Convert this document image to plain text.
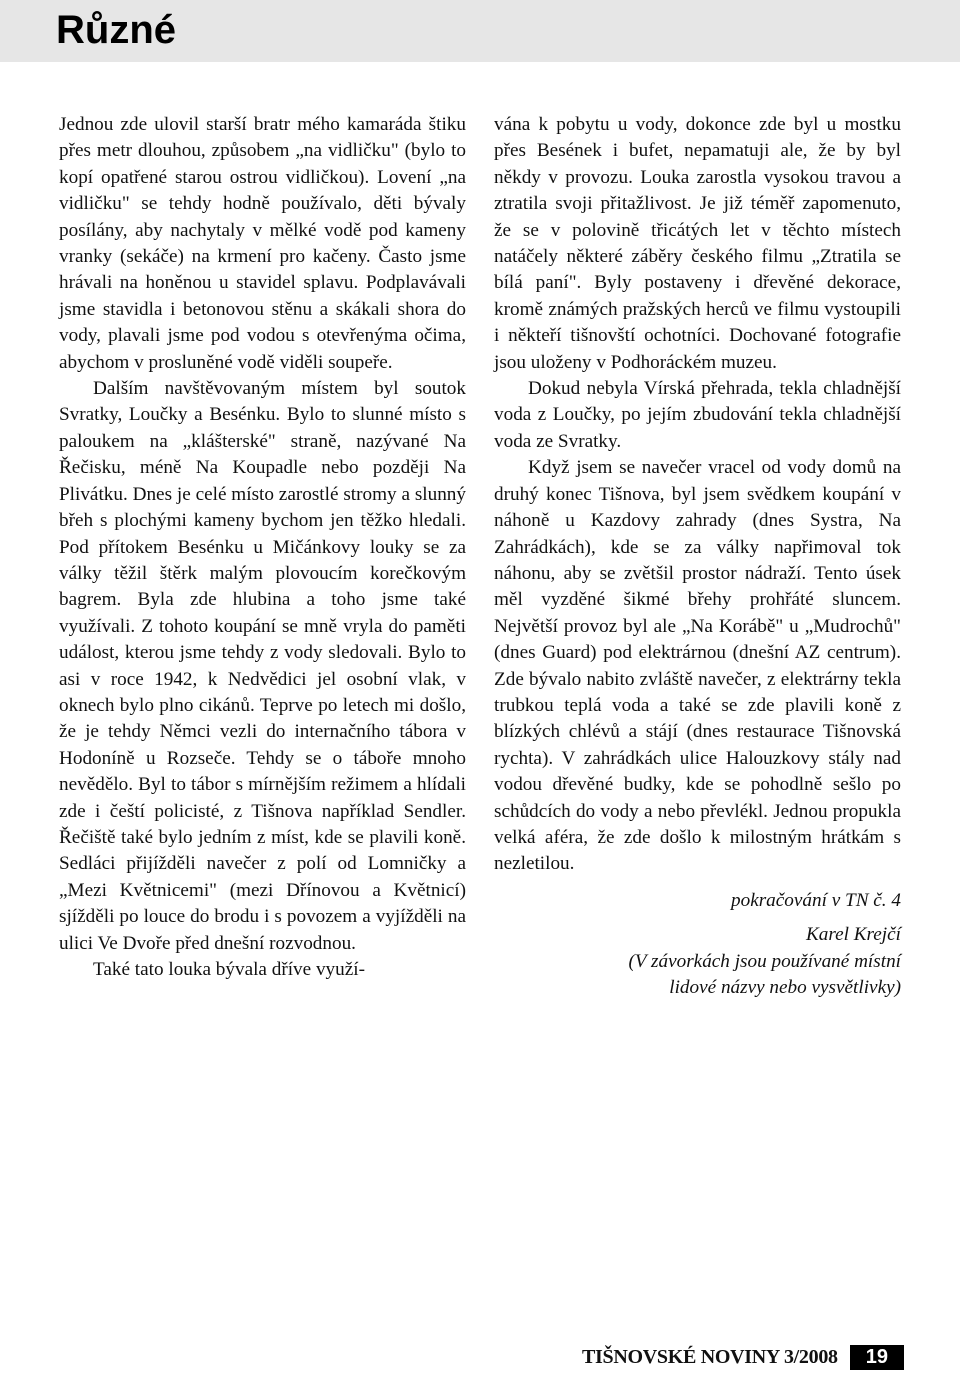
Různé

Jednou zde ulovil starší bratr mého kamaráda štiku přes metr dlouhou, způsobem „na vidličku" (bylo to kopí opatřené starou ostrou vidličkou). Lovení „na vidličku" se tehdy hodně používalo, děti bývaly posílány, aby nachytaly v mělké vodě pod kameny vranky (sekáče) na krmení pro kačeny. Často jsme hrávali na honěnou u stavidel splavu. Podplavávali jsme stavidla i betonovou stěnu a skákali shora do vody, plavali jsme pod vodou s otevřenýma očima, abychom v prosluněné vodě viděli soupeře.

Dalším navštěvovaným místem byl soutok Svratky, Loučky a Besénku. Bylo to slunné místo s paloukem na „klášterské" straně, nazývané Na Řečisku, méně Na Koupadle nebo později Na Plivátku. Dnes je celé místo zarostlé stromy a slunný břeh s plochými kameny bychom jen těžko hledali. Pod přítokem Besénku u Mičánkovy louky se za války těžil štěrk malým plovoucím korečkovým bagrem. Byla zde hlubina a toho jsme také využívali. Z tohoto koupání se mně vryla do paměti událost, kterou jsme tehdy z vody sledovali. Bylo to asi v roce 1942, k Nedvědici jel osobní vlak, v oknech bylo plno cikánů. Teprve po letech mi došlo, že je tehdy Němci vezli do internačního tábora v Hodoníně u Rozseče. Tehdy se o táboře mnoho nevědělo. Byl to tábor s mírnějším režimem a hlídali zde i čeští policisté, z Tišnova například Sendler. Řečiště také bylo jedním z míst, kde se plavili koně. Sedláci přijížděli navečer z polí od Lomničky a „Mezi Květnicemi" (mezi Dřínovou a Květnicí) sjížděli po louce do brodu i s povozem a vyjížděli na ulici Ve Dvoře před dnešní rozvodnou.

Také tato louka bývala dříve využí-

vána k pobytu u vody, dokonce zde byl u mostku přes Besének i bufet, nepamatuji ale, že by byl někdy v provozu. Louka zarostla vysokou travou a ztratila svoji přitažlivost. Je již téměř zapomenuto, že se v polovině třicátých let v těchto místech natáčely některé záběry českého filmu „Ztratila se bílá paní". Byly postaveny i dřevěné dekorace, kromě známých pražských herců ve filmu vystoupili i někteří tišnovští ochotníci. Dochované fotografie jsou uloženy v Podhoráckém muzeu.

Dokud nebyla Vírská přehrada, tekla chladnější voda z Loučky, po jejím zbudování tekla chladnější voda ze Svratky.

Když jsem se navečer vracel od vody domů na druhý konec Tišnova, byl jsem svědkem koupání v náhoně u Kazdovy zahrady (dnes Systra, Na Zahrádkách), kde se za války napřimoval tok náhonu, aby se zvětšil prostor nádraží. Tento úsek měl vyzděné šikmé břehy prohřáté sluncem. Největší provoz byl ale „Na Korábě" u „Mudrochů" (dnes Guard) pod elektrárnou (dnešní AZ centrum). Zde bývalo nabito zvláště navečer, z elektrárny tekla trubkou teplá voda a také se zde plavili koně z blízkých chlévů a stájí (dnes restaurace Tišnovská rychta). V zahrádkách ulice Halouzkovy stály nad vodou dřevěné budky, kde se pohodlně sešlo po schůdcích do vody a nebo převlékl. Jednou propukla velká aféra, že zde došlo k milostným hrátkám s nezletilou.

pokračování v TN č. 4

Karel Krejčí

(V závorkách jsou používané místní

lidové názvy nebo vysvětlivky)

TIŠNOVSKÉ NOVINY 3/2008	19
